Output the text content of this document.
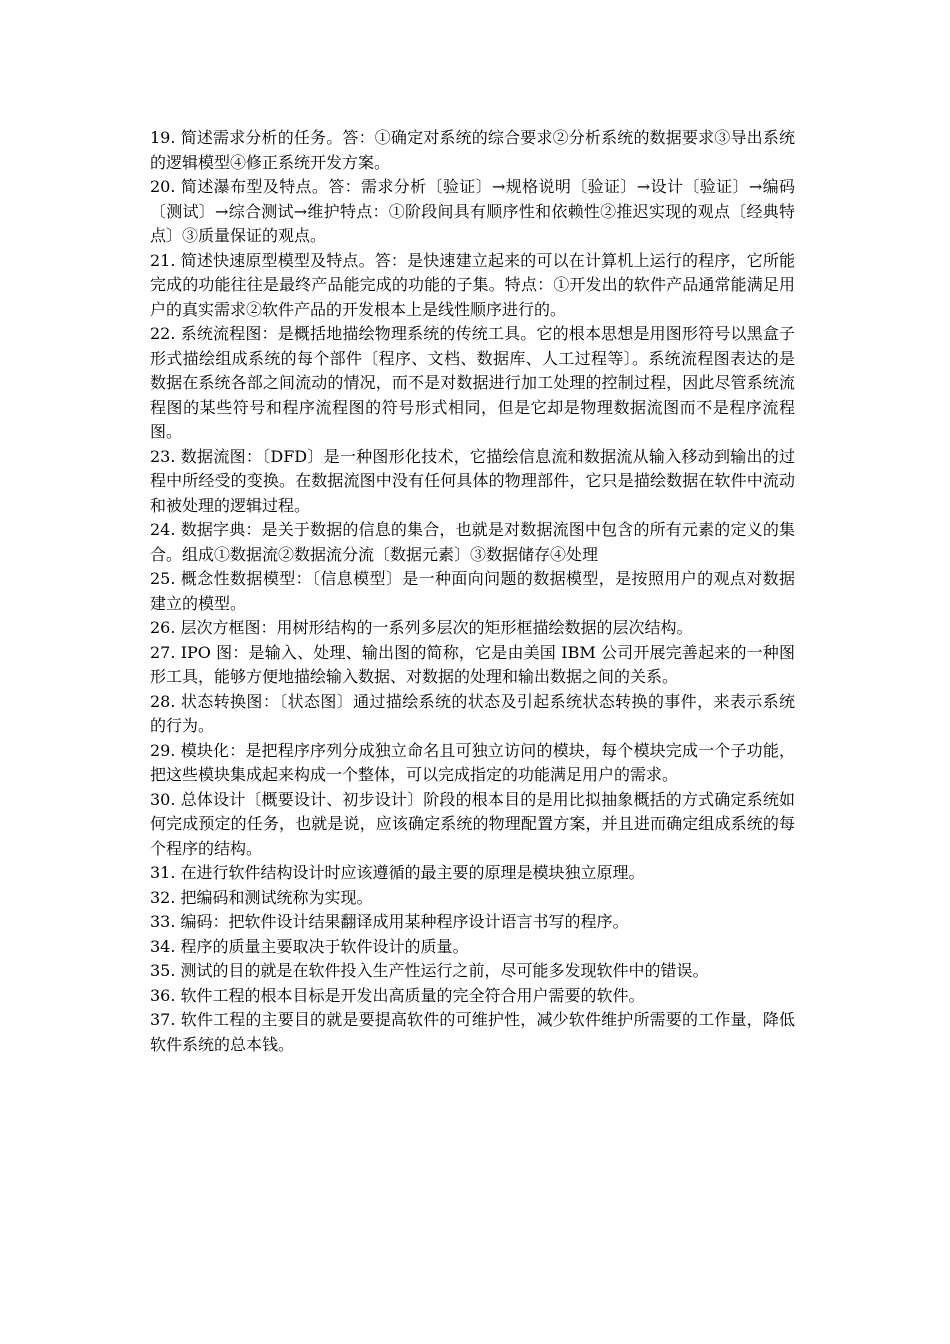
19. 简述需求分析的任务。答：①确定对系统的综合要求②分析系统的数据要求③导出系统的逻辑模型④修正系统开发方案。

20. 简述瀑布型及特点。答：需求分析〔验证〕→规格说明〔验证〕→设计〔验证〕→编码〔测试〕→综合测试→维护特点：①阶段间具有顺序性和依赖性②推迟实现的观点〔经典特点〕③质量保证的观点。

21. 简述快速原型模型及特点。答：是快速建立起来的可以在计算机上运行的程序，它所能完成的功能往往是最终产品能完成的功能的子集。特点：①开发出的软件产品通常能满足用户的真实需求②软件产品的开发根本上是线性顺序进行的。

22. 系统流程图：是概括地描绘物理系统的传统工具。它的根本思想是用图形符号以黑盒子形式描绘组成系统的每个部件〔程序、文档、数据库、人工过程等〕。系统流程图表达的是数据在系统各部之间流动的情况，而不是对数据进行加工处理的控制过程，因此尽管系统流程图的某些符号和程序流程图的符号形式相同，但是它却是物理数据流图而不是程序流程图。

23. 数据流图：〔DFD〕是一种图形化技术，它描绘信息流和数据流从输入移动到输出的过程中所经受的变换。在数据流图中没有任何具体的物理部件，它只是描绘数据在软件中流动和被处理的逻辑过程。

24. 数据字典：是关于数据的信息的集合，也就是对数据流图中包含的所有元素的定义的集合。组成①数据流②数据流分流〔数据元素〕③数据储存④处理

25. 概念性数据模型：〔信息模型〕是一种面向问题的数据模型，是按照用户的观点对数据建立的模型。

26. 层次方框图：用树形结构的一系列多层次的矩形框描绘数据的层次结构。

27. IPO 图：是输入、处理、输出图的简称，它是由美国 IBM 公司开展完善起来的一种图形工具，能够方便地描绘输入数据、对数据的处理和输出数据之间的关系。

28. 状态转换图：〔状态图〕通过描绘系统的状态及引起系统状态转换的事件，来表示系统的行为。

29. 模块化：是把程序序列分成独立命名且可独立访问的模块，每个模块完成一个子功能，把这些模块集成起来构成一个整体，可以完成指定的功能满足用户的需求。

30. 总体设计〔概要设计、初步设计〕阶段的根本目的是用比拟抽象概括的方式确定系统如何完成预定的任务，也就是说，应该确定系统的物理配置方案，并且进而确定组成系统的每个程序的结构。

31. 在进行软件结构设计时应该遵循的最主要的原理是模块独立原理。

32. 把编码和测试统称为实现。

33. 编码：把软件设计结果翻译成用某种程序设计语言书写的程序。

34. 程序的质量主要取决于软件设计的质量。

35. 测试的目的就是在软件投入生产性运行之前，尽可能多发现软件中的错误。

36. 软件工程的根本目标是开发出高质量的完全符合用户需要的软件。

37. 软件工程的主要目的就是要提高软件的可维护性，减少软件维护所需要的工作量，降低软件系统的总本钱。
